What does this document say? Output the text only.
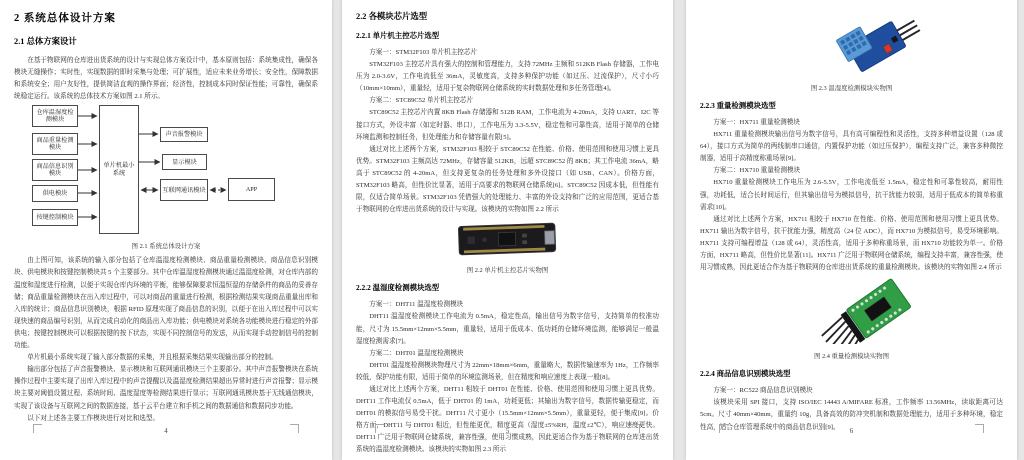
2 系统总体设计方案
2.1 总体方案设计

在基于物联网的仓库进出货系统的设计与实现总体方案设计中，基本原则包括：系统集成性，确保各模块无缝操作；实时性，实现数据的即时采集与处理；可扩展性，适应未来业务增长；安全性，保障数据和系统安全；用户友好性，提供简洁直观的操作界面；经济性，控制成本同时保证性能；可靠性，确保系统稳定运行。该系统的总体技术方案如图 2.1 所示。

仓库温湿度检测模块
商品重量检测模块
商品信息识别模块
供电模块
按键控制模块
单片机最小系统
声音报警模块
显示模块
互联网通讯模块	APP
图 2.1 系统总体设计方案

由上图可知，该系统的输入部分包括了仓库温湿度检测模块、商品重量检测模块、商品信息识别模块、供电模块和按键控制模块共 5 个主要部分。其中仓库温湿度检测模块通过温湿度检测，对仓库内部的温度和湿度进行检测，以便于实现仓库内环境的平衡，能够保障要求恒温恒湿的存储条件的商品的妥善存储；商品重量检测模块在出入库过程中，可以对商品的重量进行检测，根据检测结果实现商品重量出库和入库的统计；商品信息识别模块，根据 RFID 原理实现了商品信息的识别，以便于在出入库过程中可以实现快速的商品编号识别，从而完成自动化的商品出入库功能；供电模块对系统各功能模块进行稳定的外部供电；按键控制模块可以根据按键的按下状态，实现不同控制信号的发送，从而实现手动控制信号的控制功能。

单片机最小系统实现了输入部分数据的采集，并且根据采集结果实现输出部分的控制。

输出部分包括了声音报警模块、显示模块和互联网通讯模块三个主要部分。其中声音报警模块在系统操作过程中主要实现了出库入库过程中的声音提醒以及温湿度检测结果超出异常时进行声音报警；显示模块主要对阈值设置过程、系统时间、温度湿度等检测结果进行显示；互联网通讯模块基于无线通信模块，实现了该设备与互联网之间的数据连接，基于云平台建立和手机之间的数据通信和数据同步功能。

以下对上述各主要工作模块进行对比和选型。

4
2.2 各模块芯片选型
2.2.1 单片机主控芯片选型

方案一：STM32F103 单片机主控芯片

STM32F103 主控芯片具有强大的控制和管理能力，支持 72MHz 主频和 512KB Flash 存储器，工作电压为 2.0-3.6V，工作电流低至 36mA，灵敏度高，支持多种保护功能（如过压、过流保护），尺寸小巧（10mm×10mm），重量轻，适用于复杂物联网仓储系统的实时数据处理和多任务管理[4]。

方案二：STC89C52 单片机主控芯片

STC89C52 主控芯片内置 8KB Flash 存储器和 512B RAM，工作电流为 4-20mA，支持 UART、I2C 等接口方式，外设丰富（如定时器、串口），工作电压为 3.3-5.5V，稳定性和可靠性高，适用于简单的仓储环境监测和控制任务，但处理能力和存储容量有限[5]。

通过对比上述两个方案，STM32F103 相较于 STC89C52 在性能、价格、使用范围和使用习惯上更具优势。STM32F103 主频高达 72MHz，存储容量 512KB，远超 STC89C52 的 8KB；其工作电流 36mA，略高于 STC89C52 的 4-20mA，但支持更复杂的任务处理和多外设接口（如 USB、CAN）。价格方面，STM32F103 略高，但性价比显著，适用于高要求的物联网仓储系统[6]。STC89C52 因成本低，但性能有限，仅适合简单场景。STM32F103 凭借强大的处理能力、丰富的外设支持和广泛的应用范围，更适合基于物联网的仓库进出货系统的设计与实现。该模块的实物如图 2.2 所示

图 2.2 单片机主控芯片实物图
2.2.2 温湿度检测模块选型

方案一：DHT11 温湿度检测模块

DHT11 温湿度检测模块工作电流为 0.5mA，稳定性高，输出信号为数字信号，支持简单的校准功能，尺寸为 15.5mm×12mm×5.5mm，重量轻，适用于低成本、低功耗的仓储环境监测，能够满足一般温湿度检测需求[7]。

方案二：DHT01 温湿度检测模块

DHT01 温湿度检测模块物理尺寸为 22mm×18mm×6mm，重量略大，数据传输速率为 1Hz，工作频率较低，保护功能有限，适用于简单的环境监测场景，但在精度和响应速度上表现一般[8]。

通过对比上述两个方案，DHT11 相较于 DHT01 在性能、价格、使用范围和使用习惯上更具优势。DHT11 工作电流仅 0.5mA，低于 DHT01 的 1mA，功耗更低；其输出为数字信号，数据传输更稳定，而 DHT01 的模拟信号易受干扰。DHT11 尺寸更小（15.5mm×12mm×5.5mm），重量更轻，便于集成[9]。价格方面，DHT11 与 DHT01 相近，但性能更优，精度更高（湿度±5%RH，温度±2℃），响应速度更快。DHT11 广泛用于物联网仓储系统，兼容性强，使用习惯成熟，因此更适合作为基于物联网的仓库进出货系统的温湿度检测模块。该模块的实物如图 2.3 所示

5
图 2.3 温湿度检测模块实物图
2.2.3 重量检测模块选型

方案一：HX711 重量检测模块

HX711 重量检测模块输出信号为数字信号，具有高可编程性和灵活性，支持多种增益设置（128 或 64），接口方式为简单的两线制串口通信，内置保护功能（如过压保护），编程支持广泛，兼容多种微控制器，适用于高精度称重场景[9]。

方案二：HX710 重量检测模块

HX710 重量检测模块工作电压为 2.6-5.5V，工作电流低至 1.5mA，稳定性和可靠性较高，耐用性强，功耗低，适合长时间运行，但其输出信号为模拟信号，抗干扰能力较弱，适用于低成本的简单称重需求[10]。

通过对比上述两个方案，HX711 相较于 HX710 在性能、价格、使用范围和使用习惯上更具优势。HX711 输出为数字信号，抗干扰能力强，精度高（24 位 ADC），而 HX710 为模拟信号，易受环境影响。HX711 支持可编程增益（128 或 64），灵活性高，适用于多种称重场景，而 HX710 功能较为单一。价格方面，HX711 略高，但性价比显著[11]。HX711 广泛用于物联网仓储系统，编程支持丰富，兼容性强，使用习惯成熟，因此更适合作为基于物联网的仓库进出货系统的重量检测模块。该模块的实物如图 2.4 所示

图 2.4 重量检测模块实物图
2.2.4 商品信息识别模块选型

方案一：RC522 商品信息识别模块

该模块采用 SPI 接口，支持 ISO/IEC 14443 A/MIFARE 标准，工作频率 13.56MHz，读取距离可达 5cm。尺寸 40mm×40mm，重量约 10g，具备高效的防冲突机制和数据处理能力，适用于多种环境，稳定性高，适合仓库管理系统中的商品信息识别[9]。	6
